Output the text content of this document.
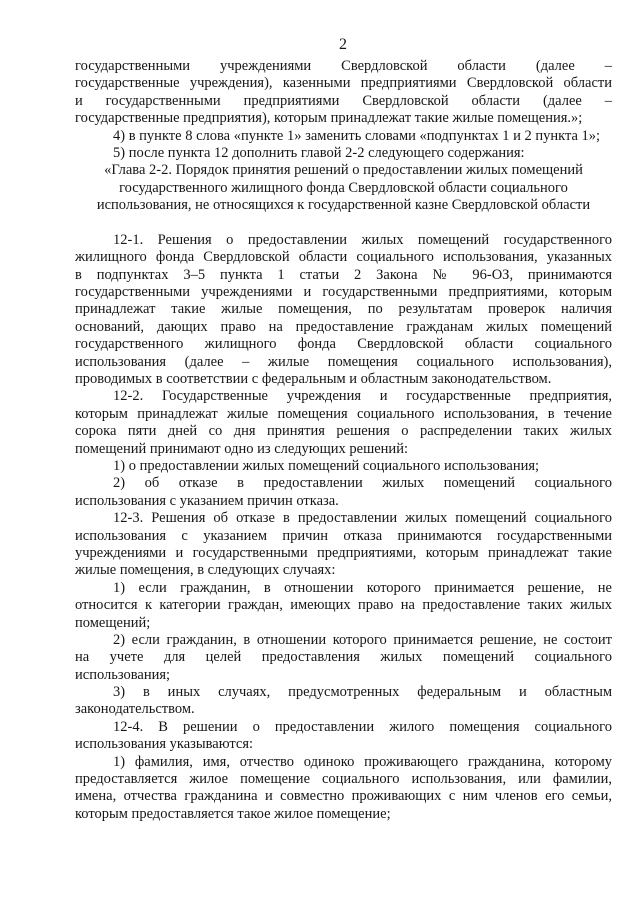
2
государственными учреждениями Свердловской области (далее –
государственные учреждения), казенными предприятиями Свердловской области
и государственными предприятиями Свердловской области (далее –
государственные предприятия), которым принадлежат такие жилые помещения.»;
4) в пункте 8 слова «пункте 1» заменить словами «подпунктах 1 и 2 пункта 1»;
5) после пункта 12 дополнить главой 2-2 следующего содержания:
«Глава 2-2. Порядок принятия решений о предоставлении жилых помещений
государственного жилищного фонда Свердловской области социального
использования, не относящихся к государственной казне Свердловской области
12-1. Решения о предоставлении жилых помещений государственного
жилищного фонда Свердловской области социального использования, указанных
в подпунктах 3–5 пункта 1 статьи 2 Закона № 96-ОЗ, принимаются
государственными учреждениями и государственными предприятиями, которым
принадлежат такие жилые помещения, по результатам проверок наличия
оснований, дающих право на предоставление гражданам жилых помещений
государственного жилищного фонда Свердловской области социального
использования (далее – жилые помещения социального использования),
проводимых в соответствии с федеральным и областным законодательством.
12-2. Государственные учреждения и государственные предприятия,
которым принадлежат жилые помещения социального использования, в течение
сорока пяти дней со дня принятия решения о распределении таких жилых
помещений принимают одно из следующих решений:
1) о предоставлении жилых помещений социального использования;
2) об отказе в предоставлении жилых помещений социального
использования с указанием причин отказа.
12-3. Решения об отказе в предоставлении жилых помещений социального
использования с указанием причин отказа принимаются государственными
учреждениями и государственными предприятиями, которым принадлежат такие
жилые помещения, в следующих случаях:
1) если гражданин, в отношении которого принимается решение, не
относится к категории граждан, имеющих право на предоставление таких жилых
помещений;
2) если гражданин, в отношении которого принимается решение, не состоит
на учете для целей предоставления жилых помещений социального
использования;
3) в иных случаях, предусмотренных федеральным и областным
законодательством.
12-4. В решении о предоставлении жилого помещения социального
использования указываются:
1) фамилия, имя, отчество одиноко проживающего гражданина, которому
предоставляется жилое помещение социального использования, или фамилии,
имена, отчества гражданина и совместно проживающих с ним членов его семьи,
которым предоставляется такое жилое помещение;
